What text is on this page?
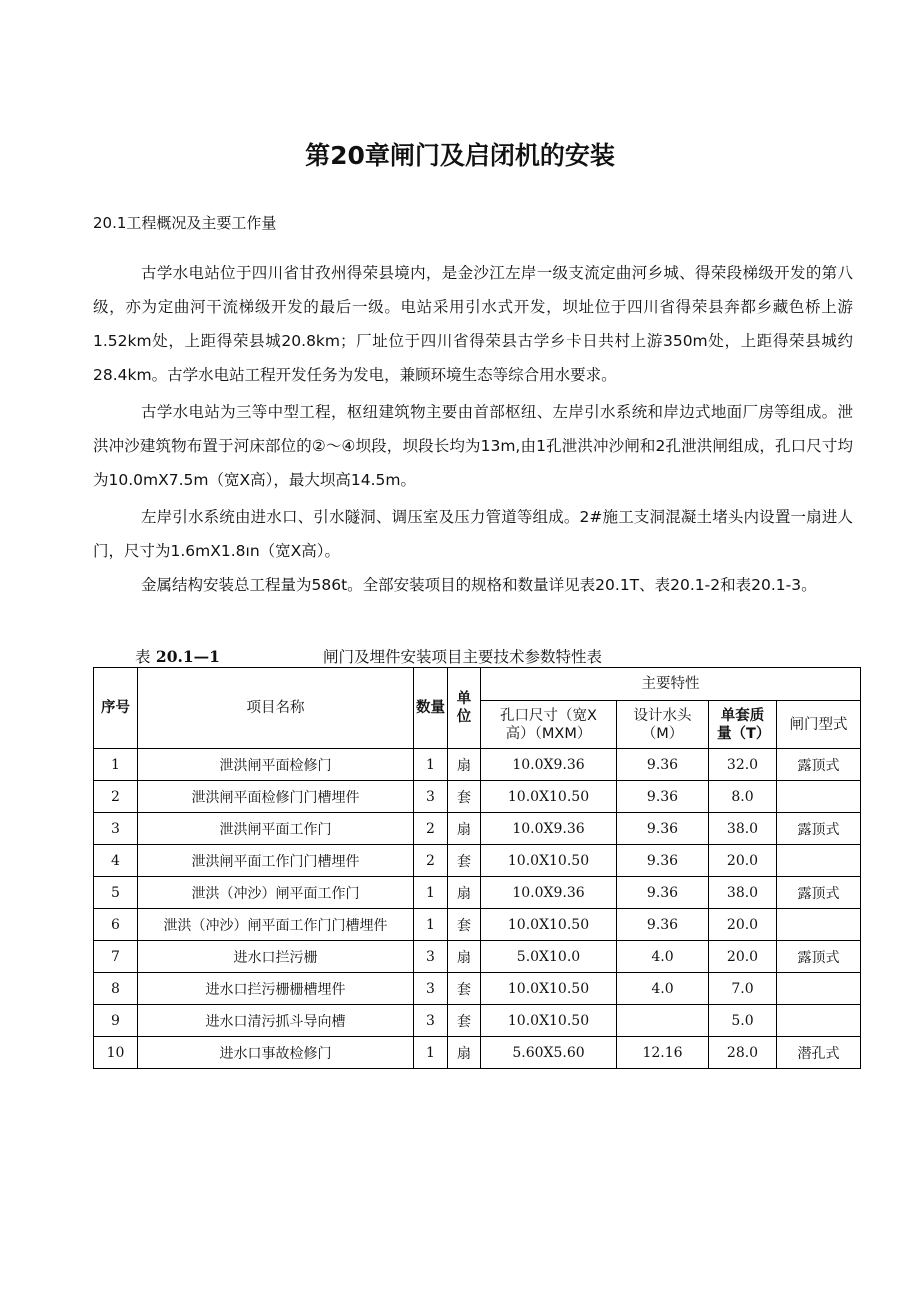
第20章闸门及启闭机的安装
20.1工程概况及主要工作量

古学水电站位于四川省甘孜州得荣县境内，是金沙江左岸一级支流定曲河乡城、得荣段梯级开发的第八级，亦为定曲河干流梯级开发的最后一级。电站采用引水式开发，坝址位于四川省得荣县奔都乡藏色桥上游1.52km处，上距得荣县城20.8km；厂址位于四川省得荣县古学乡卡日共村上游350m处，上距得荣县城约28.4km。古学水电站工程开发任务为发电，兼顾环境生态等综合用水要求。

古学水电站为三等中型工程，枢纽建筑物主要由首部枢纽、左岸引水系统和岸边式地面厂房等组成。泄洪冲沙建筑物布置于河床部位的②～④坝段，坝段长均为13m,由1孔泄洪冲沙闸和2孔泄洪闸组成，孔口尺寸均为10.0mX7.5m（宽X高），最大坝高14.5m。

左岸引水系统由进水口、引水隧洞、调压室及压力管道等组成。2#施工支洞混凝土堵头内设置一扇进人门，尺寸为1.6mX1.8ın（宽X高）。

金属结构安装总工程量为586t。全部安装项目的规格和数量详见表20.1T、表20.1-2和表20.1-3。

表 20.1—1	闸门及埋件安装项目主要技术参数特性表
序号	项目名称	数量	单位	主要特性			
				孔口尺寸（宽X高）（MXM）	设计水头（M）	单套质量（T）	闸门型式
1	泄洪闸平面检修门	1	扇	10.0X9.36	9.36	32.0	露顶式
2	泄洪闸平面检修门门槽埋件	3	套	10.0X10.50	9.36	8.0	
3	泄洪闸平面工作门	2	扇	10.0X9.36	9.36	38.0	露顶式
4	泄洪闸平面工作门门槽埋件	2	套	10.0X10.50	9.36	20.0	
5	泄洪（冲沙）闸平面工作门	1	扇	10.0X9.36	9.36	38.0	露顶式
6	泄洪（冲沙）闸平面工作门门槽埋件	1	套	10.0X10.50	9.36	20.0	
7	进水口拦污栅	3	扇	5.0X10.0	4.0	20.0	露顶式
8	进水口拦污栅栅槽埋件	3	套	10.0X10.50	4.0	7.0	
9	进水口清污抓斗导向槽	3	套	10.0X10.50		5.0	
10	进水口事故检修门	1	扇	5.60X5.60	12.16	28.0	潜孔式
